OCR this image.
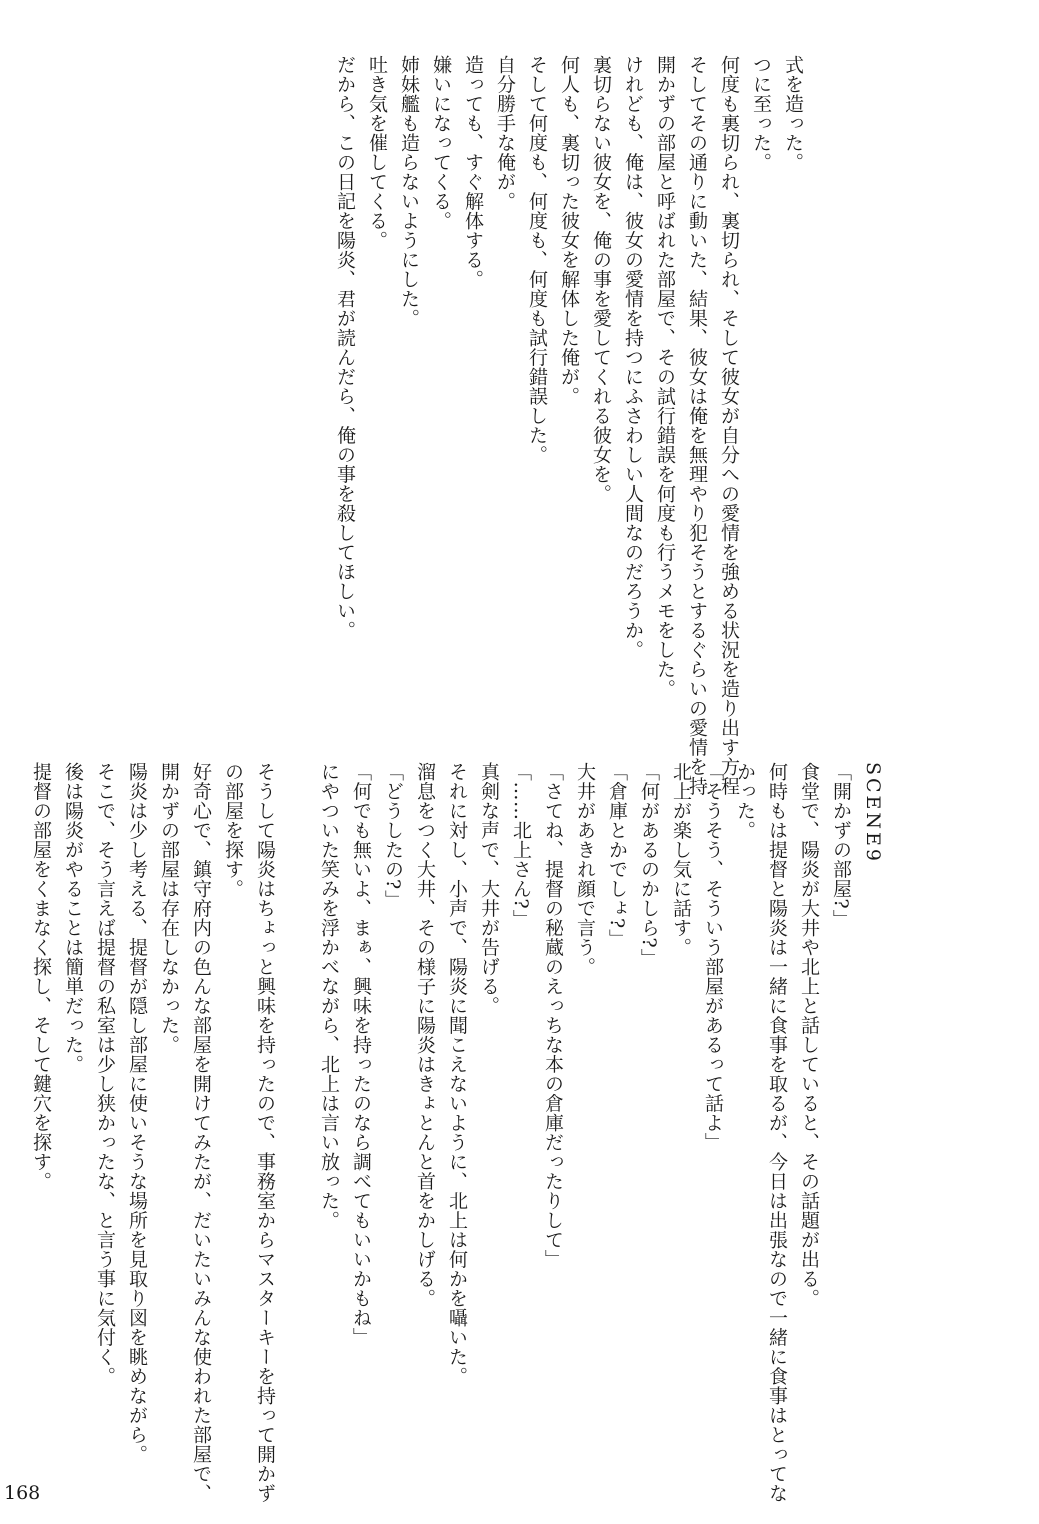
式を造った。
つに至った。
何度も裏切られ、裏切られ、そして彼女が自分への愛情を強める状況を造り出す方程
そしてその通りに動いた、結果、彼女は俺を無理やり犯そうとするぐらいの愛情を持
開かずの部屋と呼ばれた部屋で、その試行錯誤を何度も行うメモをした。
けれども、俺は、彼女の愛情を持つにふさわしい人間なのだろうか。
裏切らない彼女を、俺の事を愛してくれる彼女を。
何人も、裏切った彼女を解体した俺が。
そして何度も、何度も、何度も試行錯誤した。
自分勝手な俺が。
造っても、すぐ解体する。
嫌いになってくる。
姉妹艦も造らないようにした。
吐き気を催してくる。
だから、この日記を陽炎、君が読んだら、俺の事を殺してほしい。
SCENE9
「開かずの部屋?」
食堂で、陽炎が大井や北上と話していると、その話題が出る。
何時もは提督と陽炎は一緒に食事を取るが、今日は出張なので一緒に食事はとってな
かった。
「そうそう、そういう部屋があるって話よ」
北上が楽し気に話す。
「何があるのかしら?」
「倉庫とかでしょ?」
大井があきれ顔で言う。
「さてね、提督の秘蔵のえっちな本の倉庫だったりして」
「……北上さん?」
真剣な声で、大井が告げる。
それに対し、小声で、陽炎に聞こえないように、北上は何かを囁いた。
溜息をつく大井、その様子に陽炎はきょとんと首をかしげる。
「どうしたの?」
「何でも無いよ、まぁ、興味を持ったのなら調べてもいいかもね」
にやついた笑みを浮かべながら、北上は言い放った。

そうして陽炎はちょっと興味を持ったので、事務室からマスターキーを持って開かず
の部屋を探す。
好奇心で、鎮守府内の色んな部屋を開けてみたが、だいたいみんな使われた部屋で、
開かずの部屋は存在しなかった。
陽炎は少し考える、提督が隠し部屋に使いそうな場所を見取り図を眺めながら。
そこで、そう言えば提督の私室は少し狭かったな、と言う事に気付く。
後は陽炎がやることは簡単だった。
提督の部屋をくまなく探し、そして鍵穴を探す。
168
